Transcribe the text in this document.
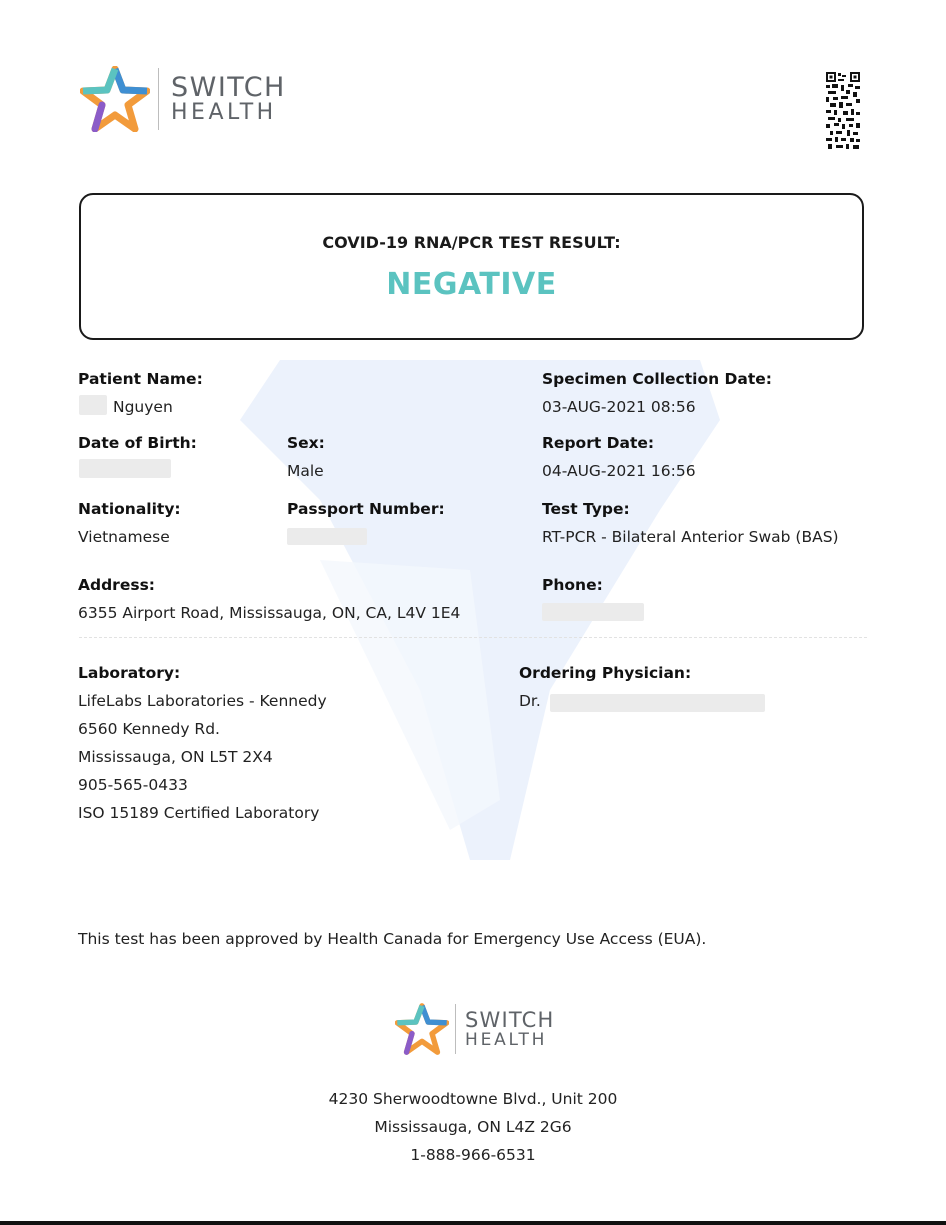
SWITCH
HEALTH
COVID-19 RNA/PCR TEST RESULT:
NEGATIVE
Patient Name:
Nguyen
Specimen Collection Date:
03-AUG-2021 08:56
Date of Birth:	Sex:
Male
Report Date:
04-AUG-2021 16:56
Nationality:
Vietnamese
Passport Number:	Test Type:
RT-PCR - Bilateral Anterior Swab (BAS)
Address:
6355 Airport Road, Mississauga, ON, CA, L4V 1E4
Phone:
Laboratory:
LifeLabs Laboratories - Kennedy
6560 Kennedy Rd.
Mississauga, ON L5T 2X4
905-565-0433
ISO 15189 Certified Laboratory
Ordering Physician:
Dr.
This test has been approved by Health Canada for Emergency Use Access (EUA).
SWITCH
HEALTH
4230 Sherwoodtowne Blvd., Unit 200
Mississauga, ON L4Z 2G6
1-888-966-6531
